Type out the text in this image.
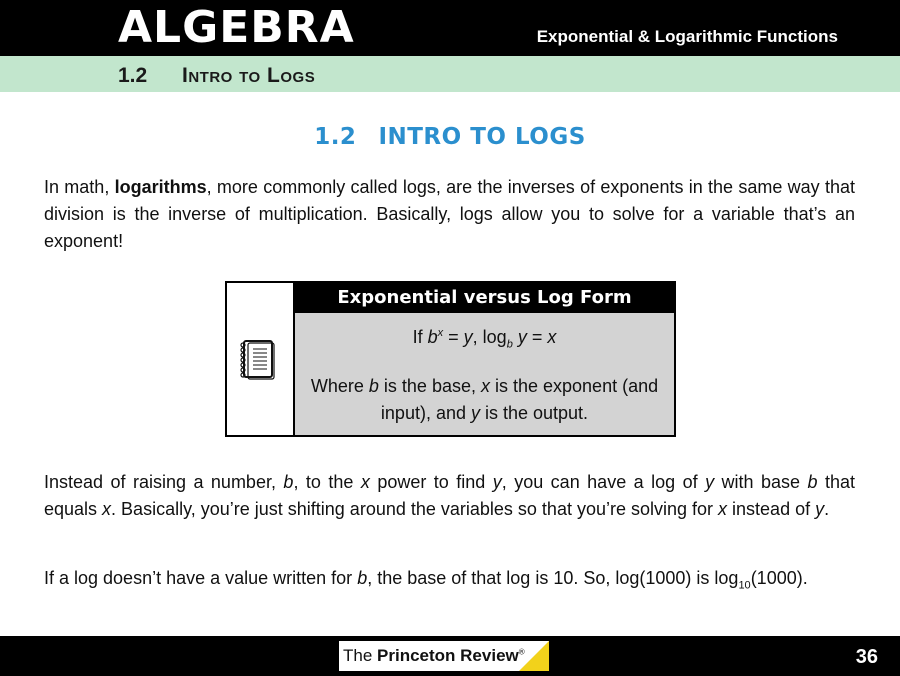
ALGEBRA	Exponential & Logarithmic Functions
1.2 Intro to Logs
1.2 INTRO TO LOGS
In math, logarithms, more commonly called logs, are the inverses of exponents in the same way that division is the inverse of multiplication. Basically, logs allow you to solve for a variable that’s an exponent!
Exponential versus Log Form
If $b^x = y$, $\log_b y = x$
Where b is the base, x is the exponent (and input), and y is the output.
Instead of raising a number, b, to the x power to find y, you can have a log of y with base b that equals x. Basically, you’re just shifting around the variables so that you’re solving for x instead of y.
If a log doesn’t have a value written for b, the base of that log is 10. So, log(1000) is $\log_{10}(1000)$.
The Princeton Review®	36
